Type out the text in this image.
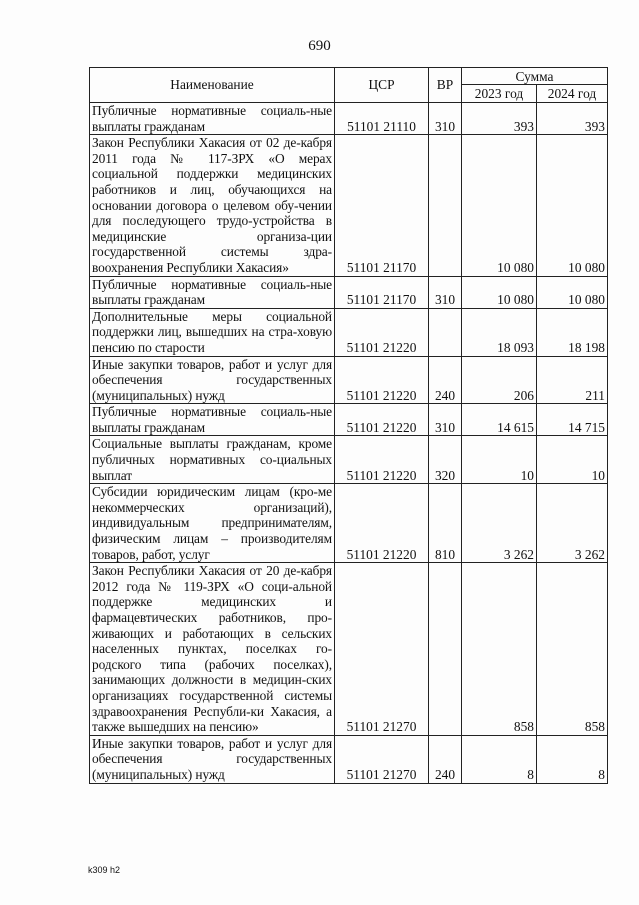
690
Наименование	ЦСР	ВР	Сумма	
			2023 год	2024 год
Публичные нормативные социаль-ные выплаты гражданам	51101 21110	310	393	393
Закон Республики Хакасия от 02 де-кабря 2011 года № 117-ЗРХ «О мерах социальной поддержки медицинских работников и лиц, обучающихся на основании договора о целевом обу-чении для последующего трудо-устройства в медицинские организа-ции государственной системы здра-воохранения Республики Хакасия»	51101 21170		10 080	10 080
Публичные нормативные социаль-ные выплаты гражданам	51101 21170	310	10 080	10 080
Дополнительные меры социальной поддержки лиц, вышедших на стра-ховую пенсию по старости	51101 21220		18 093	18 198
Иные закупки товаров, работ и услуг для обеспечения государственных (муниципальных) нужд	51101 21220	240	206	211
Публичные нормативные социаль-ные выплаты гражданам	51101 21220	310	14 615	14 715
Социальные выплаты гражданам, кроме публичных нормативных со-циальных выплат	51101 21220	320	10	10
Субсидии юридическим лицам (кро-ме некоммерческих организаций), индивидуальным предпринимателям, физическим лицам – производителям товаров, работ, услуг	51101 21220	810	3 262	3 262
Закон Республики Хакасия от 20 де-кабря 2012 года № 119-ЗРХ «О соци-альной поддержке медицинских и фармацевтических работников, про-живающих и работающих в сельских населенных пунктах, поселках го-родского типа (рабочих поселках), занимающих должности в медицин-ских организациях государственной системы здравоохранения Республи-ки Хакасия, а также вышедших на пенсию»	51101 21270		858	858
Иные закупки товаров, работ и услуг для обеспечения государственных (муниципальных) нужд	51101 21270	240	8	8
k309 h2
